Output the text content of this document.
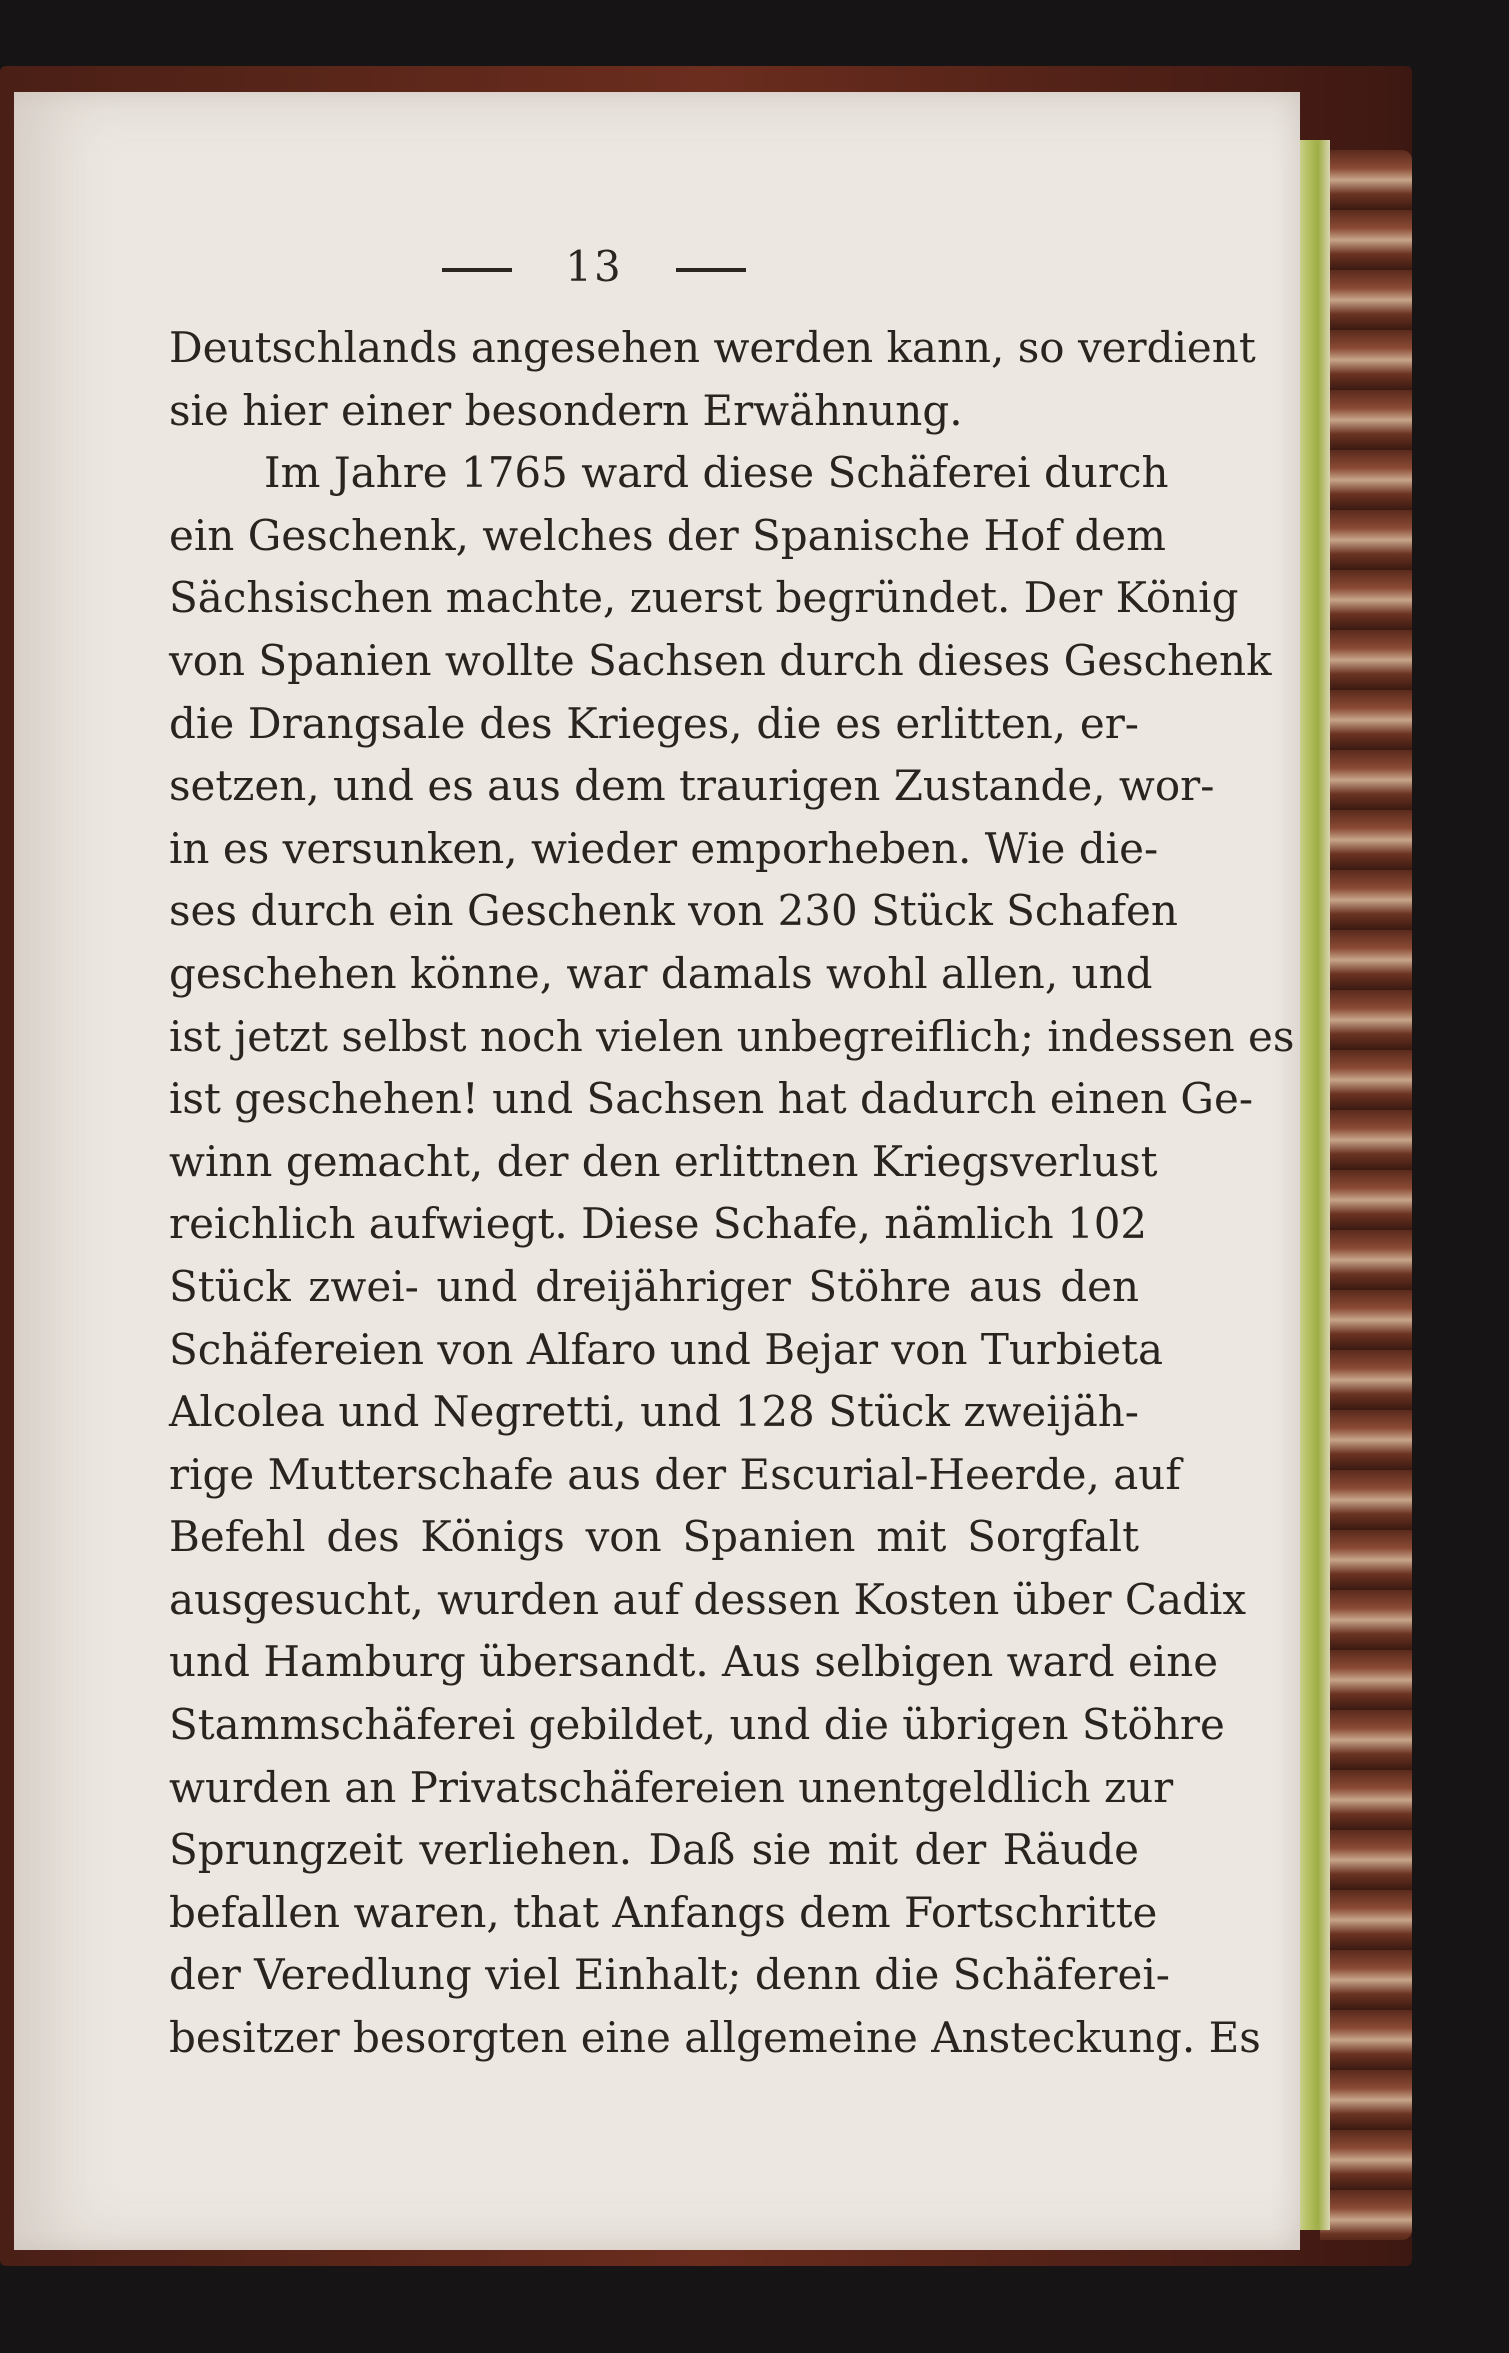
13
Deutschlands angesehen werden kann, so verdient
sie hier einer besondern Erwähnung.
Im Jahre 1765 ward diese Schäferei durch
ein Geschenk, welches der Spanische Hof dem
Sächsischen machte, zuerst begründet. Der König
von Spanien wollte Sachsen durch dieses Geschenk
die Drangsale des Krieges, die es erlitten, er-
setzen, und es aus dem traurigen Zustande, wor-
in es versunken, wieder emporheben. Wie die-
ses durch ein Geschenk von 230 Stück Schafen
geschehen könne, war damals wohl allen, und
ist jetzt selbst noch vielen unbegreiflich; indessen es
ist geschehen! und Sachsen hat dadurch einen Ge-
winn gemacht, der den erlittnen Kriegsverlust
reichlich aufwiegt. Diese Schafe, nämlich 102
Stück zwei- und dreijähriger Stöhre aus den
Schäfereien von Alfaro und Bejar von Turbieta
Alcolea und Negretti, und 128 Stück zweijäh-
rige Mutterschafe aus der Escurial-Heerde, auf
Befehl des Königs von Spanien mit Sorgfalt
ausgesucht, wurden auf dessen Kosten über Cadix
und Hamburg übersandt. Aus selbigen ward eine
Stammschäferei gebildet, und die übrigen Stöhre
wurden an Privatschäfereien unentgeldlich zur
Sprungzeit verliehen. Daß sie mit der Räude
befallen waren, that Anfangs dem Fortschritte
der Veredlung viel Einhalt; denn die Schäferei-
besitzer besorgten eine allgemeine Ansteckung. Es
